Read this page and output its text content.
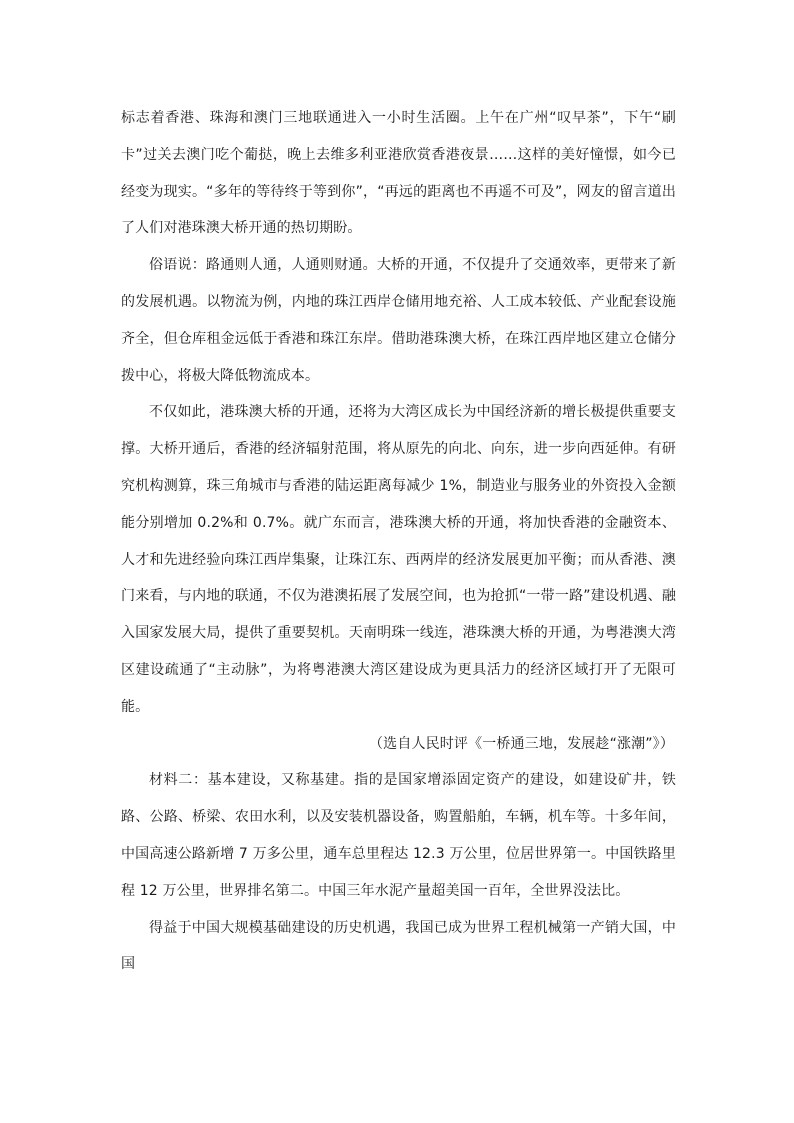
标志着香港、珠海和澳门三地联通进入一小时生活圈。上午在广州“叹早茶”，下午“刷卡”过关去澳门吃个葡挞，晚上去维多利亚港欣赏香港夜景……这样的美好憧憬，如今已经变为现实。“多年的等待终于等到你”，“再远的距离也不再遥不可及”，网友的留言道出了人们对港珠澳大桥开通的热切期盼。

俗语说：路通则人通，人通则财通。大桥的开通，不仅提升了交通效率，更带来了新的发展机遇。以物流为例，内地的珠江西岸仓储用地充裕、人工成本较低、产业配套设施齐全，但仓库租金远低于香港和珠江东岸。借助港珠澳大桥，在珠江西岸地区建立仓储分拨中心，将极大降低物流成本。

不仅如此，港珠澳大桥的开通，还将为大湾区成长为中国经济新的增长极提供重要支撑。大桥开通后，香港的经济辐射范围，将从原先的向北、向东，进一步向西延伸。有研究机构测算，珠三角城市与香港的陆运距离每减少 1%，制造业与服务业的外资投入金额能分别增加 0.2%和 0.7%。就广东而言，港珠澳大桥的开通，将加快香港的金融资本、人才和先进经验向珠江西岸集聚，让珠江东、西两岸的经济发展更加平衡；而从香港、澳门来看，与内地的联通，不仅为港澳拓展了发展空间，也为抢抓“一带一路”建设机遇、融入国家发展大局，提供了重要契机。天南明珠一线连，港珠澳大桥的开通，为粤港澳大湾区建设疏通了“主动脉”，为将粤港澳大湾区建设成为更具活力的经济区域打开了无限可能。

（选自人民时评《一桥通三地，发展趁“涨潮”》）

材料二：基本建设，又称基建。指的是国家增添固定资产的建设，如建设矿井，铁路、公路、桥梁、农田水利，以及安装机器设备，购置船舶，车辆，机车等。十多年间，中国高速公路新增 7 万多公里，通车总里程达 12.3 万公里，位居世界第一。中国铁路里程 12 万公里，世界排名第二。中国三年水泥产量超美国一百年，全世界没法比。

得益于中国大规模基础建设的历史机遇，我国已成为世界工程机械第一产销大国，中国
